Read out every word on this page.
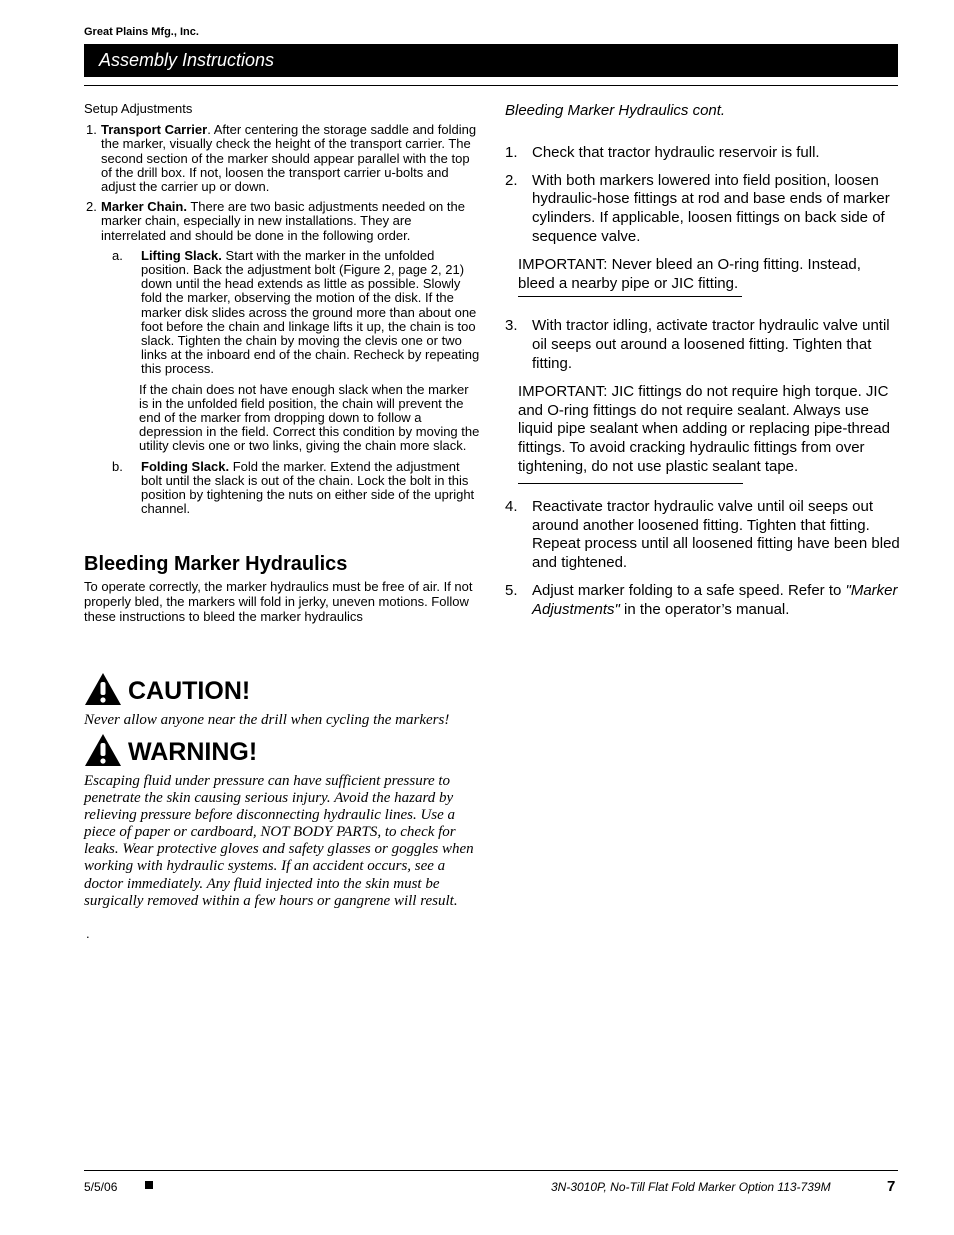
Great Plains Mfg., Inc.
Assembly Instructions

Setup Adjustments

1. Transport Carrier. After centering the storage saddle and folding the marker, visually check the height of the transport carrier. The second section of the marker should appear parallel with the top of the drill box. If not, loosen the transport carrier u-bolts and adjust the carrier up or down.

2. Marker Chain. There are two basic adjustments needed on the marker chain, especially in new installations. They are interrelated and should be done in the following order.

a. Lifting Slack. Start with the marker in the unfolded position. Back the adjustment bolt (Figure 2, page 2, 21) down until the head extends as little as possible. Slowly fold the marker, observing the motion of the disk. If the marker disk slides across the ground more than about one foot before the chain and linkage lifts it up, the chain is too slack. Tighten the chain by moving the clevis one or two links at the inboard end of the chain. Recheck by repeating this process.

If the chain does not have enough slack when the marker is in the unfolded field position, the chain will prevent the end of the marker from dropping down to follow a depression in the field. Correct this condition by moving the utility clevis one or two links, giving the chain more slack.

b. Folding Slack. Fold the marker. Extend the adjustment bolt until the slack is out of the chain. Lock the bolt in this position by tightening the nuts on either side of the upright channel.

Bleeding Marker Hydraulics

To operate correctly, the marker hydraulics must be free of air. If not properly bled, the markers will fold in jerky, uneven motions. Follow these instructions to bleed the marker hydraulics

CAUTION!

Never allow anyone near the drill when cycling the markers!

WARNING!

Escaping fluid under pressure can have sufficient pressure to penetrate the skin causing serious injury. Avoid the hazard by relieving pressure before disconnecting hydraulic lines. Use a piece of paper or cardboard, NOT BODY PARTS, to check for leaks. Wear protective gloves and safety glasses or goggles when working with hydraulic systems. If an accident occurs, see a doctor immediately. Any fluid injected into the skin must be surgically removed within a few hours or gangrene will result.

.

Bleeding Marker Hydraulics cont.

1. Check that tractor hydraulic reservoir is full.

2. With both markers lowered into field position, loosen hydraulic-hose fittings at rod and base ends of marker cylinders. If applicable, loosen fittings on back side of sequence valve.

IMPORTANT: Never bleed an O-ring fitting. Instead, bleed a nearby pipe or JIC fitting.

3. With tractor idling, activate tractor hydraulic valve until oil seeps out around a loosened fitting. Tighten that fitting.

IMPORTANT: JIC fittings do not require high torque. JIC and O-ring fittings do not require sealant. Always use liquid pipe sealant when adding or replacing pipe-thread fittings. To avoid cracking hydraulic fittings from over tightening, do not use plastic sealant tape.

4. Reactivate tractor hydraulic valve until oil seeps out around another loosened fitting. Tighten that fitting. Repeat process until all loosened fitting have been bled and tightened.

5. Adjust marker folding to a safe speed. Refer to "Marker Adjustments" in the operator’s manual.

5/5/06	3N-3010P, No-Till Flat Fold Marker Option 113-739M	7
